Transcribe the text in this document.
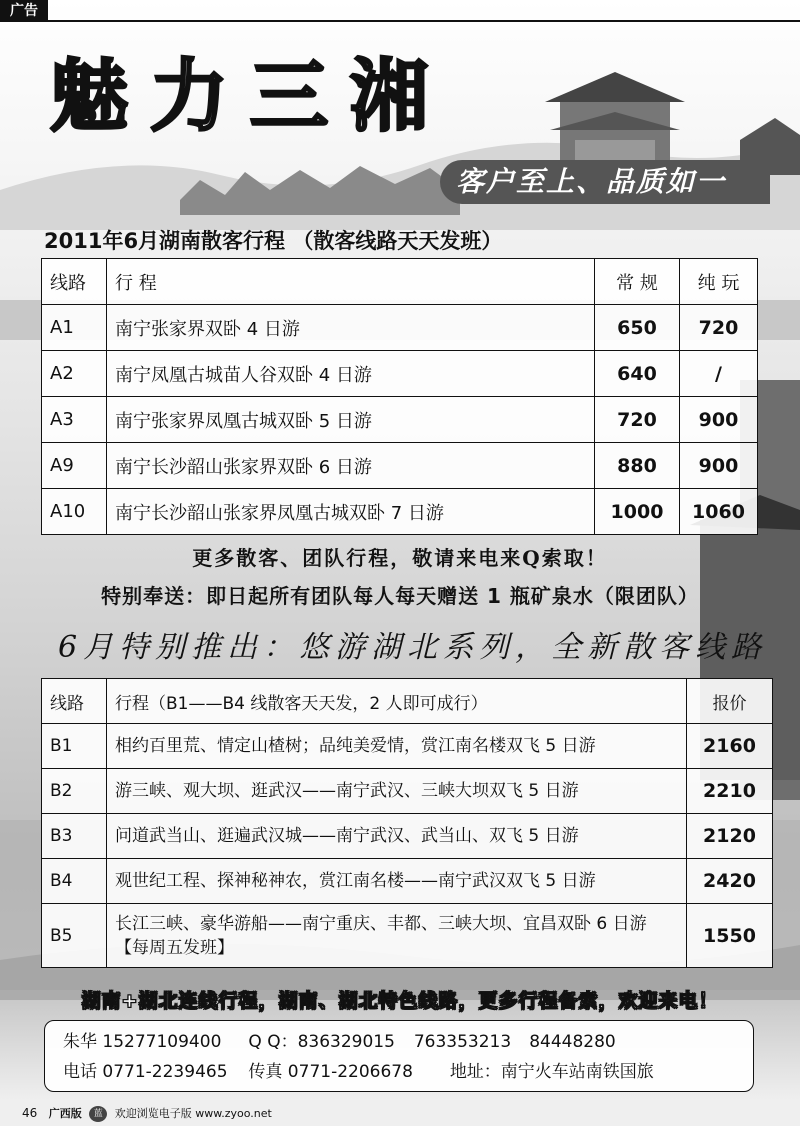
广告
魅力三湘
客户至上、品质如一
2011年6月湖南散客行程 （散客线路天天发班）
线路	行 程	常 规	纯 玩
A1	南宁张家界双卧 4 日游	650	720
A2	南宁凤凰古城苗人谷双卧 4 日游	640	/
A3	南宁张家界凤凰古城双卧 5 日游	720	900
A9	南宁长沙韶山张家界双卧 6 日游	880	900
A10	南宁长沙韶山张家界凤凰古城双卧 7 日游	1000	1060
更多散客、团队行程，敬请来电来Q索取！
特别奉送：即日起所有团队每人每天赠送 1 瓶矿泉水（限团队）
6月特别推出：悠游湖北系列，全新散客线路
线路	行程（B1——B4 线散客天天发，2 人即可成行）	报价
B1	相约百里荒、情定山楂树；品纯美爱情，赏江南名楼双飞 5 日游	2160
B2	游三峡、观大坝、逛武汉——南宁武汉、三峡大坝双飞 5 日游	2210
B3	问道武当山、逛遍武汉城——南宁武汉、武当山、双飞 5 日游	2120
B4	观世纪工程、探神秘神农，赏江南名楼——南宁武汉双飞 5 日游	2420
B5	长江三峡、豪华游船——南宁重庆、丰都、三峡大坝、宜昌双卧 6 日游【每周五发班】	1550
湖南+湖北连线行程，湖南、湖北特色线路，更多行程备索，欢迎来电！
朱华 15277109400 Q Q：836329015 763353213 84448280
电话 0771-2239465 传真 0771-2206678 地址：南宁火车站南铁国旅
46 广西版 蓝 欢迎浏览电子版 www.zyoo.net
